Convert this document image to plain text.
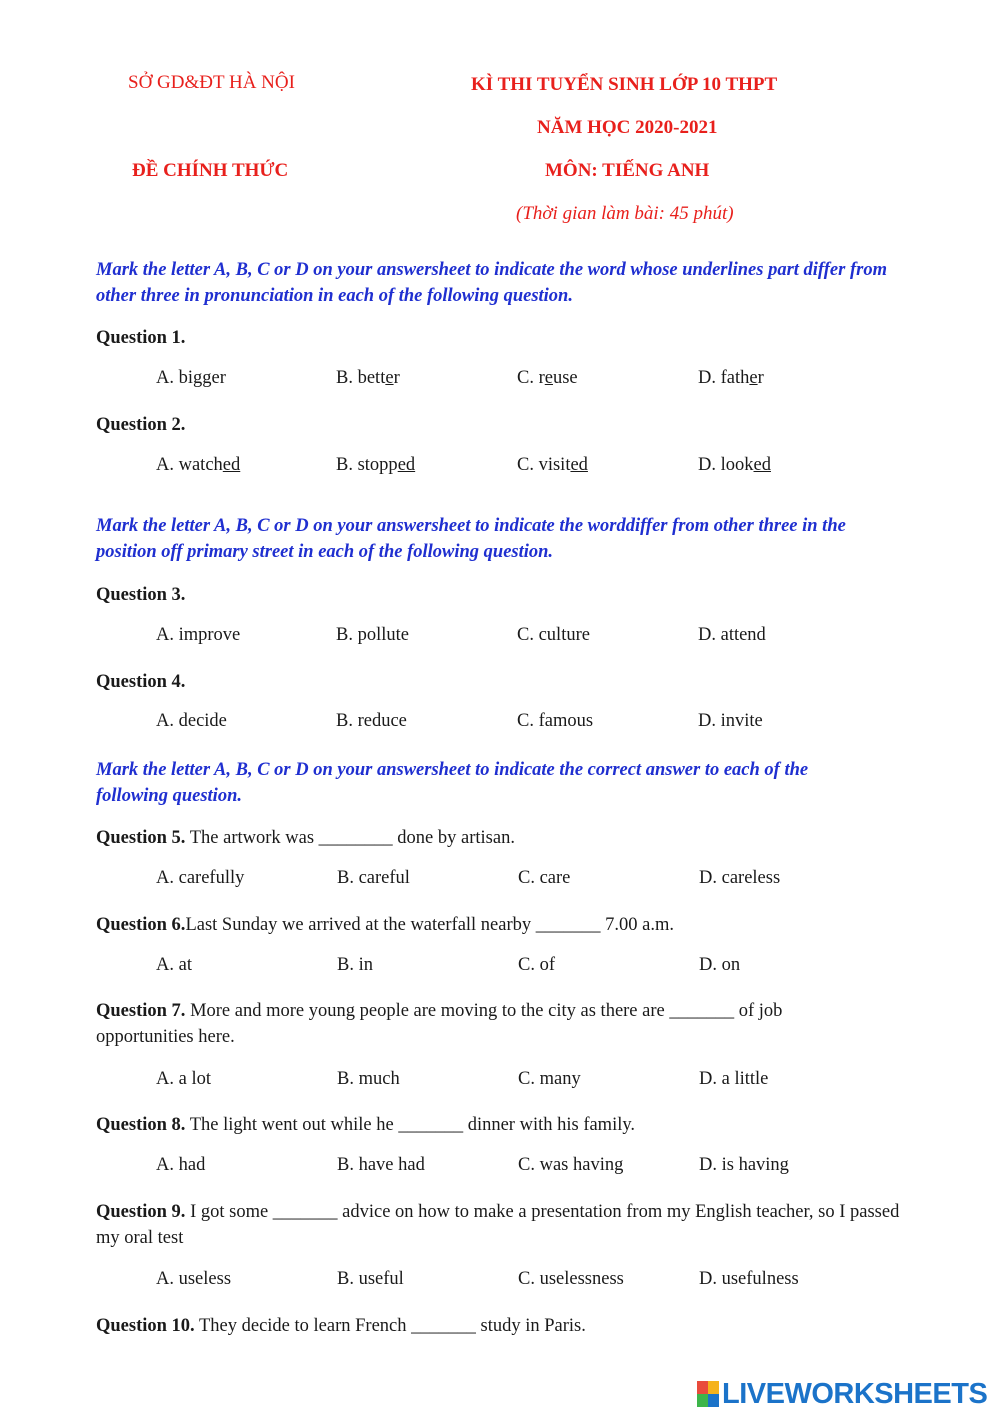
SỞ GD&ĐT HÀ NỘI
ĐỀ CHÍNH THỨC
KÌ THI TUYỂN SINH LỚP 10 THPT
NĂM HỌC 2020-2021
MÔN: TIẾNG ANH
(Thời gian làm bài: 45 phút)
Mark the letter A, B, C or D on your answersheet to indicate the word whose underlines part differ from other three in pronunciation in each of the following question.
Question 1.
A. bigger	B. better	C. reuse	D. father
Question 2.
A. watched	B. stopped	C. visited	D. looked
Mark the letter A, B, C or D on your answersheet to indicate the worddiffer from other three in the position off primary street in each of the following question.
Question 3.
A. improve	B. pollute	C. culture	D. attend
Question 4.
A. decide	B. reduce	C. famous	D. invite
Mark the letter A, B, C or D on your answersheet to indicate the correct answer to each of the following question.
Question 5. The artwork was ________ done by artisan.
A. carefully	B. careful	C. care	D. careless
Question 6.Last Sunday we arrived at the waterfall nearby _______ 7.00 a.m.
A. at	B. in	C. of	D. on
Question 7. More and more young people are moving to the city as there are _______ of job opportunities here.
A. a lot	B. much	C. many	D. a little
Question 8. The light went out while he _______ dinner with his family.
A. had	B. have had	C. was having	D. is having
Question 9. I got some _______ advice on how to make a presentation from my English teacher, so I passed my oral test
A. useless	B. useful	C. uselessness	D. usefulness
Question 10. They decide to learn French _______ study in Paris.
LIVEWORKSHEETS
